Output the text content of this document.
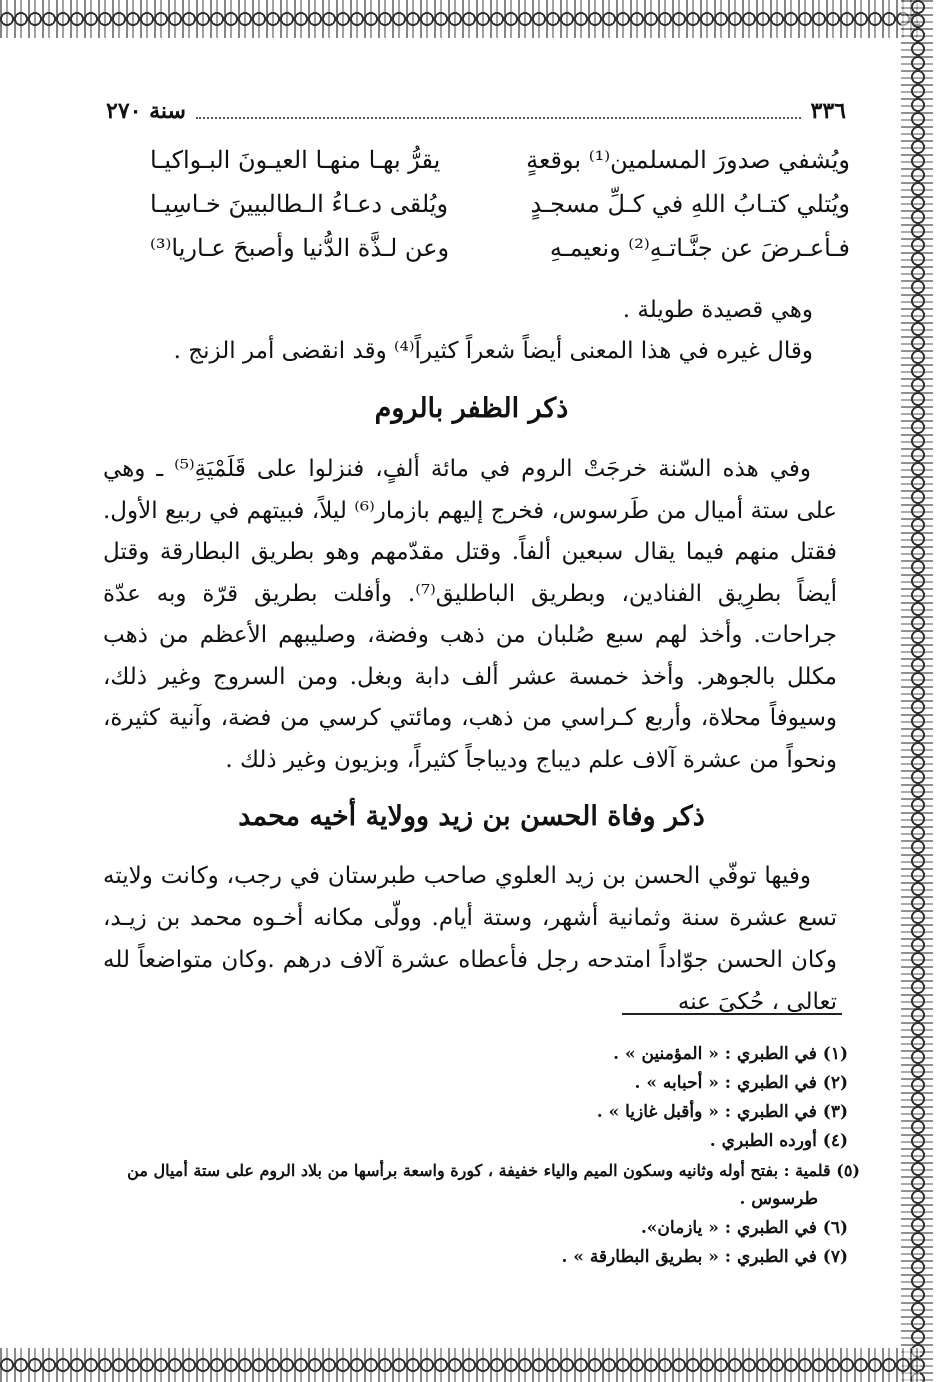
٣٣٦
سنة ٢٧٠
ويُشفي صدورَ المسلمين⁽¹⁾ بوقعةٍ
يقرُّ بهـا منهـا العيـونَ البـواكيـا
ويُتلي كتـابُ اللهِ في كـلِّ مسجـدٍ
ويُلقى دعـاءُ الـطالبيينَ خـاسِيـا
فـأعـرضَ عن جنَّـاتـهِ⁽²⁾ ونعيمـهِ
وعن لـذَّة الدُّنيا وأصبحَ عـاريا⁽³⁾
وهي قصيدة طويلة .
وقال غيره في هذا المعنى أيضاً شعراً كثيراً⁽⁴⁾ وقد انقضى أمر الزنج .
ذكر الظفر بالروم
وفي هذه السّنة خرجَتْ الروم في مائة ألفٍ، فنزلوا على قَلَمْيَةِ⁽⁵⁾ ـ وهي على ستة أميال من طَرسوس، فخرج إليهم بازمار⁽⁶⁾ ليلاً، فبيتهم في ربيع الأول. فقتل منهم فيما يقال سبعين ألفاً. وقتل مقدّمهم وهو بطريق البطارقة وقتل أيضاً بطرِيق الفنادين، وبطريق الباطليق⁽⁷⁾. وأفلت بطريق قرّة وبه عدّة جراحات. وأخذ لهم سبع صُلبان من ذهب وفضة، وصليبهم الأعظم من ذهب مكلل بالجوهر. وأخذ خمسة عشر ألف دابة وبغل. ومن السروج وغير ذلك، وسيوفاً محلاة، وأربع كـراسي من ذهب، ومائتي كرسي من فضة، وآنية كثيرة، ونحواً من عشرة آلاف علم ديباج وديباجاً كثيراً، وبزيون وغير ذلك .
ذكر وفاة الحسن بن زيد وولاية أخيه محمد
وفيها توفّي الحسن بن زيد العلوي صاحب طبرستان في رجب، وكانت ولايته تسع عشرة سنة وثمانية أشهر، وستة أيام. وولّى مكانه أخـوه محمد بن زيـد، وكان الحسن جوّاداً امتدحه رجل فأعطاه عشرة آلاف درهم .وكان متواضعاً لله تعالى ، حُكيَ عنه
(١) في الطبري : « المؤمنين » .
(٢) في الطبري : « أحبابه » .
(٣) في الطبري : « وأقبل غازيا » .
(٤) أورده الطبري .
(٥) قلمية : بفتح أوله وثانيه وسكون الميم والياء خفيفة ، كورة واسعة برأسها من بلاد الروم على ستة أميال من
طرسوس .
(٦) في الطبري : « يازمان».
(٧) في الطبري : « بطريق البطارقة » .
